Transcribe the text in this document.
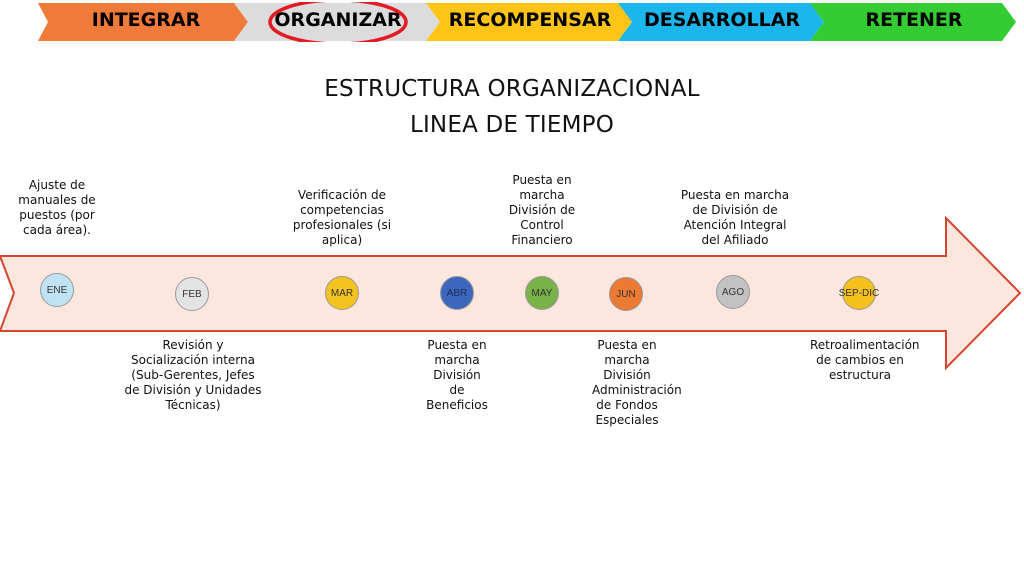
INTEGRAR	ORGANIZAR	RECOMPENSAR	DESARROLLAR	RETENER
ESTRUCTURA ORGANIZACIONAL
LINEA DE TIEMPO
ENE	FEB	MAR	ABR	MAY	JUN	AGO	SEP-DIC
Ajuste de manuales de puestos (por cada área).
Verificación de competencias profesionales (si aplica)
Puesta en marcha División de Control Financiero
Puesta en marcha de División de Atención Integral del Afiliado
Revisión y Socialización interna (Sub-Gerentes, Jefes de División y Unidades Técnicas)
Puesta en marcha División de Beneficios
Puesta en marcha División Administración de Fondos Especiales
Retroalimentación de cambios en estructura
